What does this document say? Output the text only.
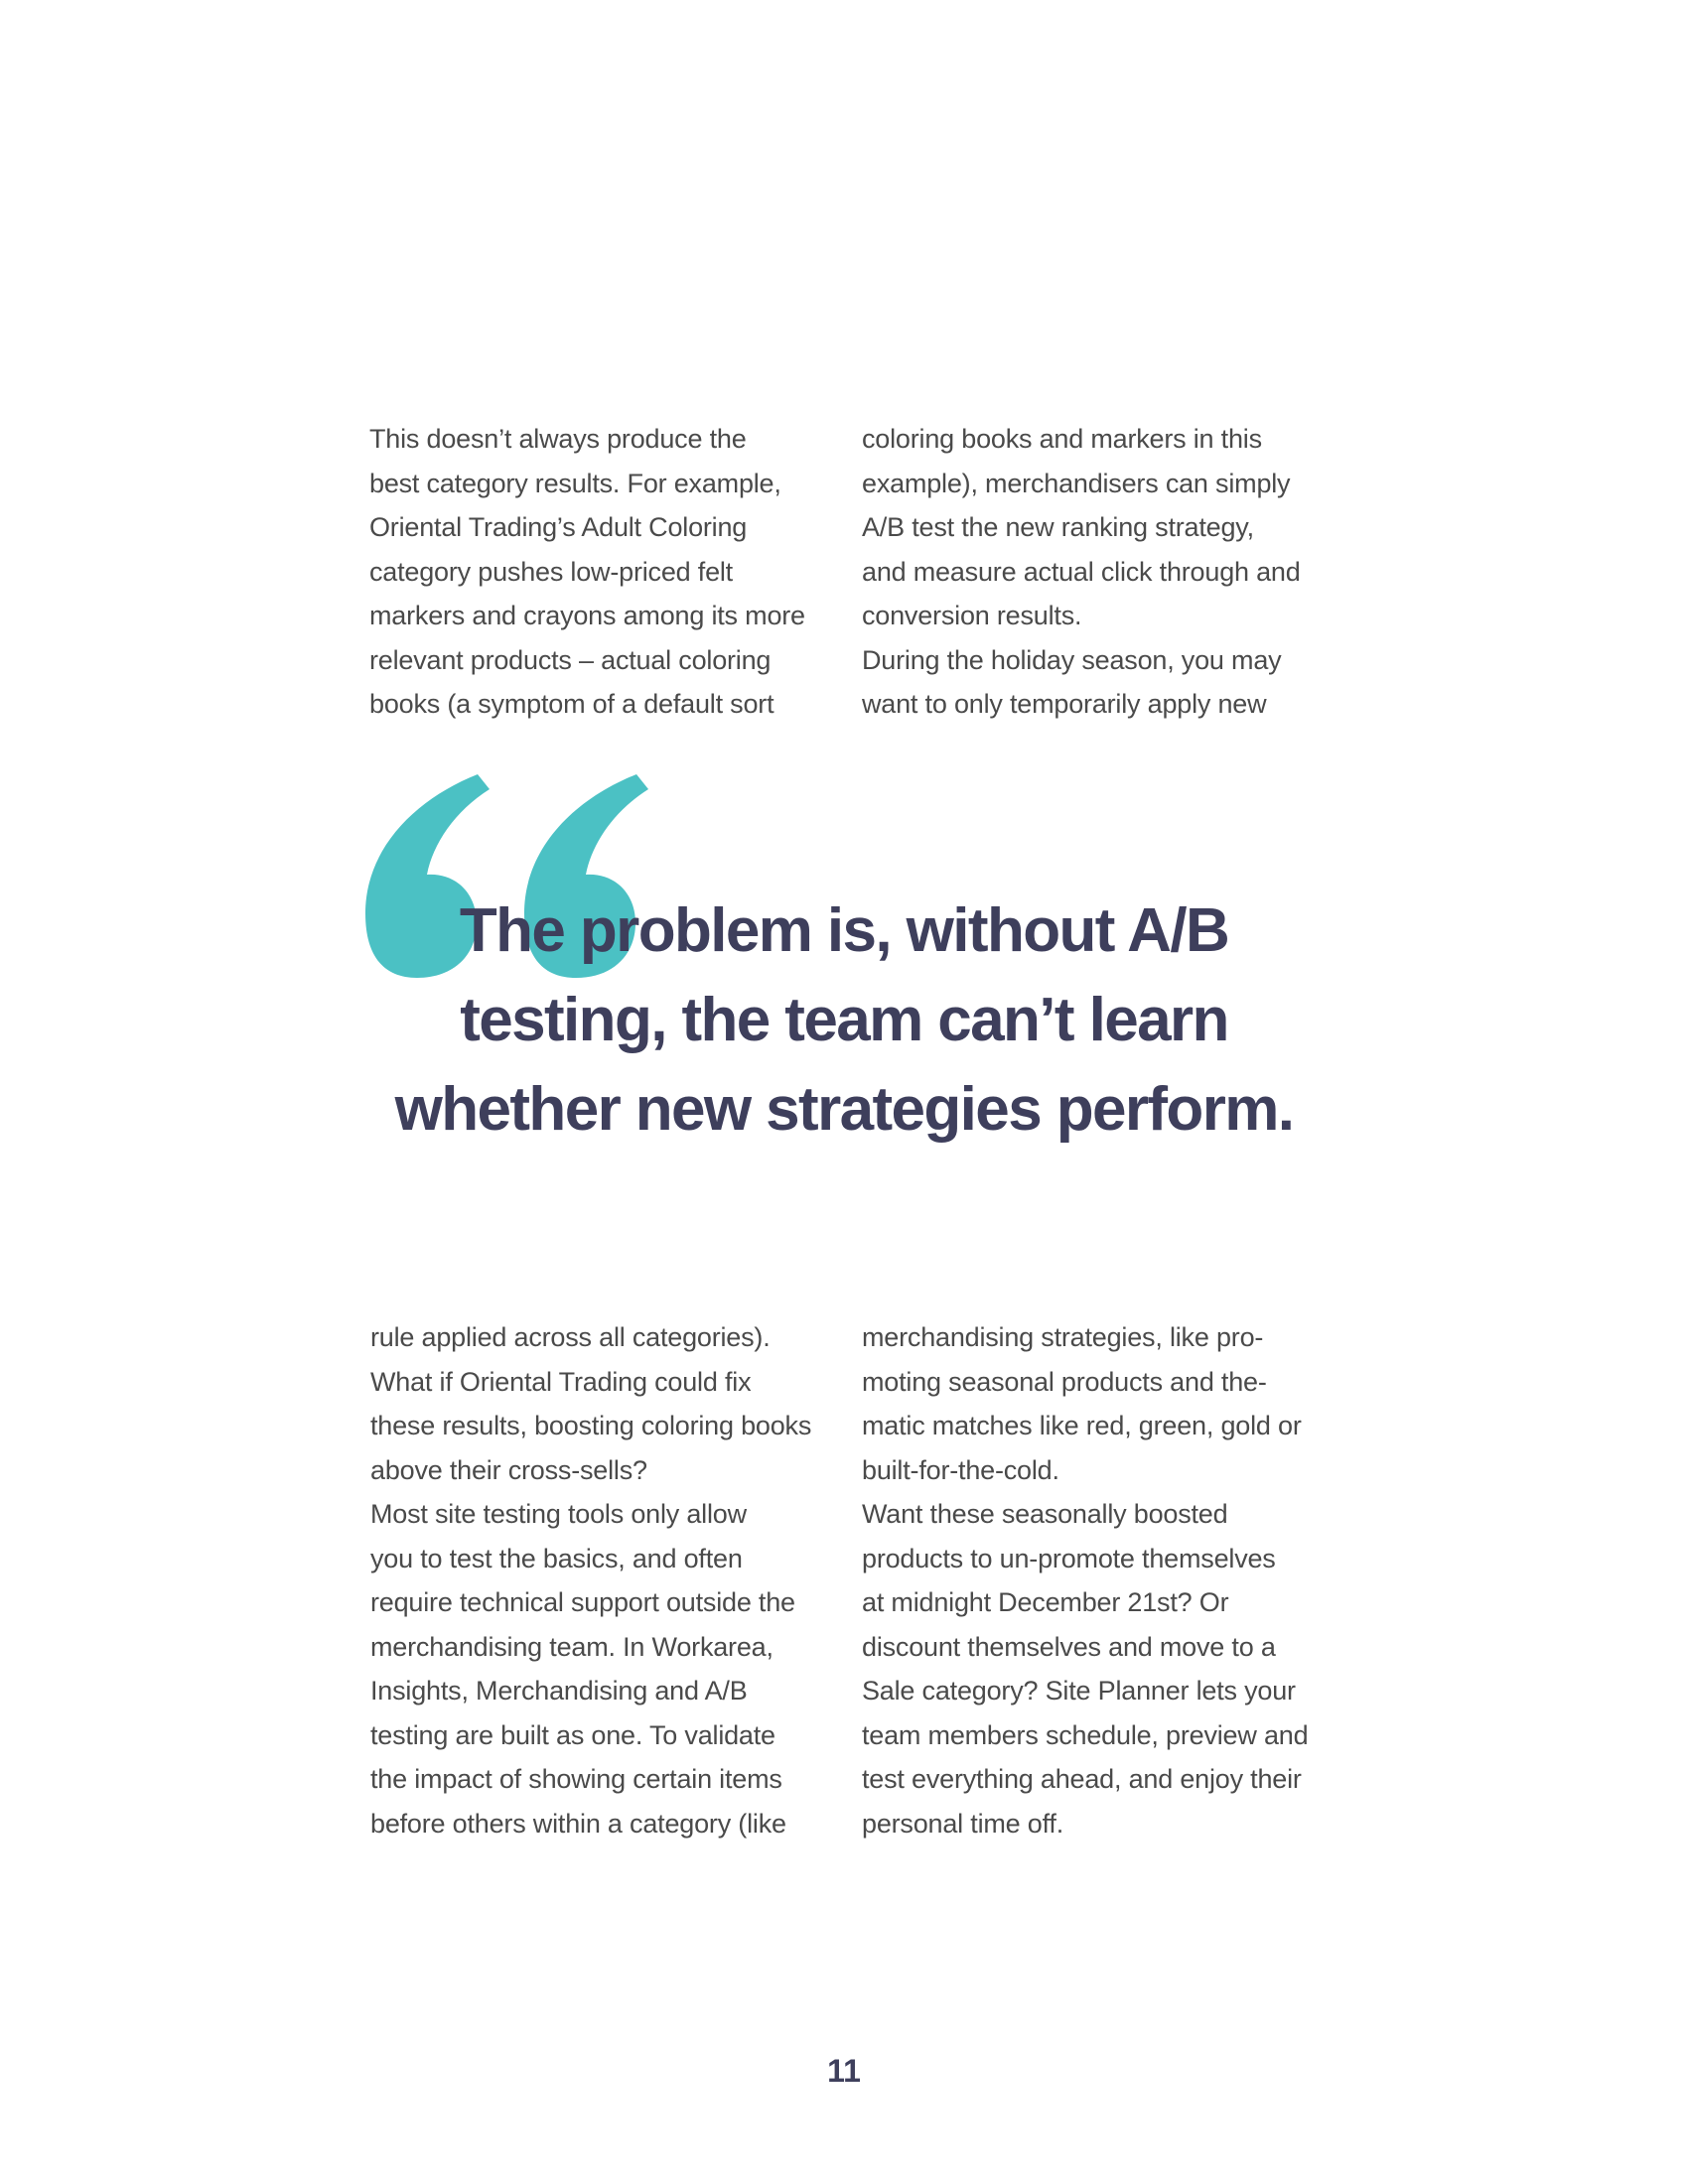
This doesn’t always produce the
best category results. For example,
Oriental Trading’s Adult Coloring
category pushes low-priced felt
markers and crayons among its more
relevant products – actual coloring
books (a symptom of a default sort
coloring books and markers in this
example), merchandisers can simply
A/B test the new ranking strategy,
and measure actual click through and
conversion results.
During the holiday season, you may
want to only temporarily apply new
The problem is, without A/B
testing, the team can’t learn
whether new strategies perform.
rule applied across all categories).
What if Oriental Trading could fix
these results, boosting coloring books
above their cross-sells?
Most site testing tools only allow
you to test the basics, and often
require technical support outside the
merchandising team. In Workarea,
Insights, Merchandising and A/B
testing are built as one. To validate
the impact of showing certain items
before others within a category (like
merchandising strategies, like pro-
moting seasonal products and the-
matic matches like red, green, gold or
built-for-the-cold.
Want these seasonally boosted
products to un-promote themselves
at midnight December 21st? Or
discount themselves and move to a
Sale category? Site Planner lets your
team members schedule, preview and
test everything ahead, and enjoy their
personal time off.
11
